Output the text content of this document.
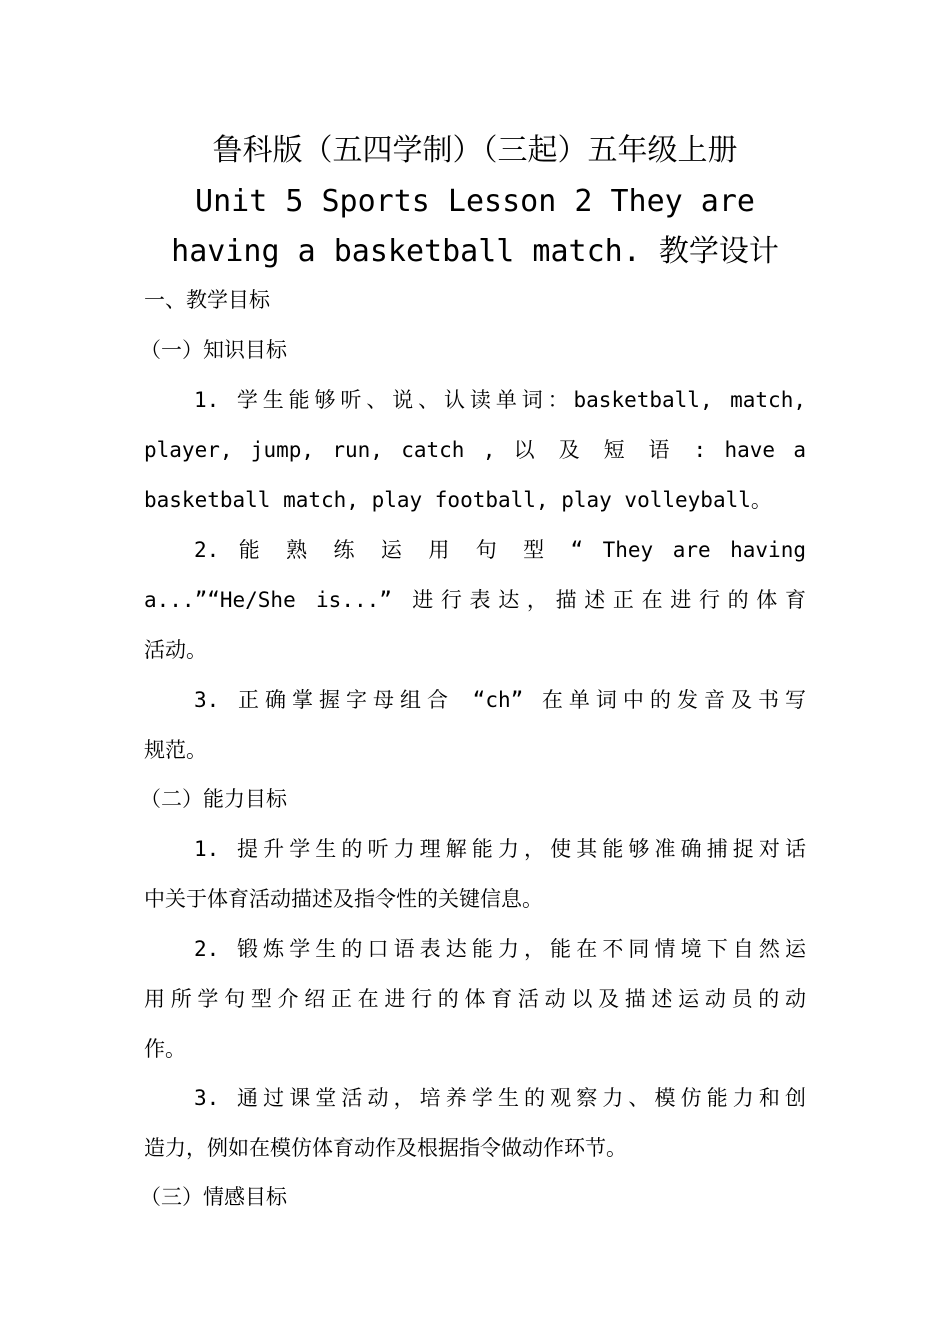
鲁科版（五四学制）（三起）五年级上册
Unit 5 Sports Lesson 2 They are
having a basketball match. 教学设计
一、教学目标
（一）知识目标
1. 学生能够听、说、认读单词：basketball, match,
player, jump, run, catch , 以 及 短 语 : have a
basketball match, play football, play volleyball。
2. 能 熟 练 运 用 句 型 “ They are having
a...”“He/She is...” 进行表达，描述正在进行的体育
活动。
3. 正确掌握字母组合 “ch” 在单词中的发音及书写
规范。
（二）能力目标
1. 提升学生的听力理解能力，使其能够准确捕捉对话
中关于体育活动描述及指令性的关键信息。
2. 锻炼学生的口语表达能力，能在不同情境下自然运
用所学句型介绍正在进行的体育活动以及描述运动员的动
作。
3. 通过课堂活动，培养学生的观察力、模仿能力和创
造力，例如在模仿体育动作及根据指令做动作环节。
（三）情感目标
